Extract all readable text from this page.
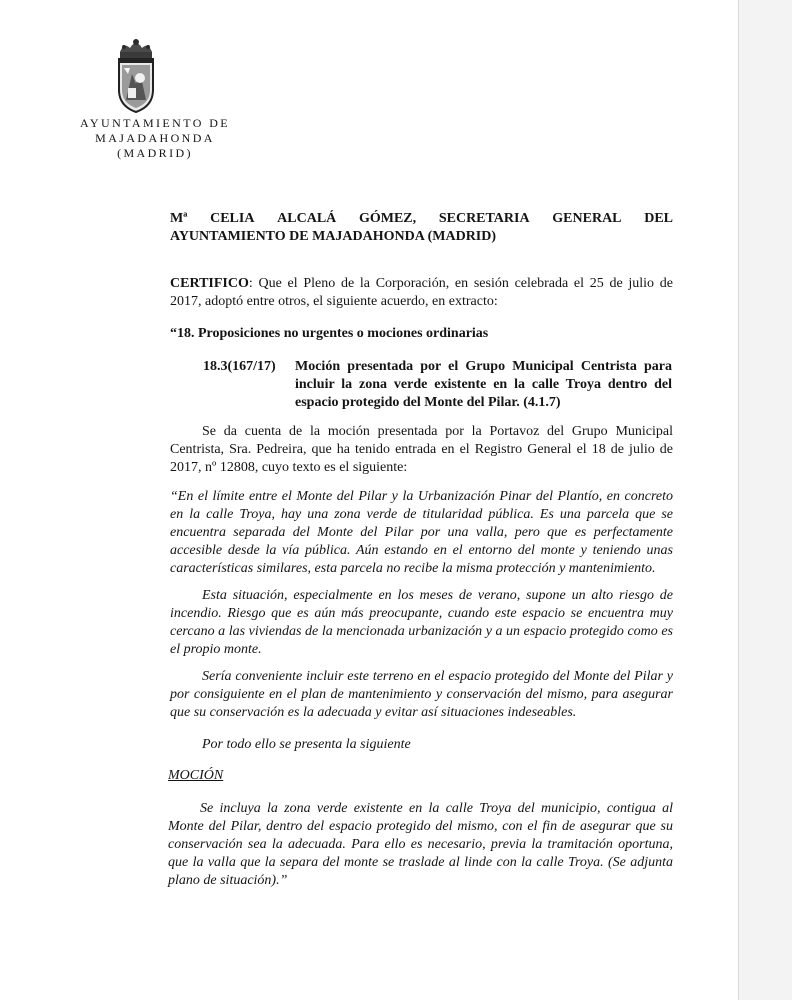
AYUNTAMIENTO DE
MAJADAHONDA
(MADRID)
Mª CELIA ALCALÁ GÓMEZ, SECRETARIA GENERAL DEL
AYUNTAMIENTO DE MAJADAHONDA (MADRID)
CERTIFICO: Que el Pleno de la Corporación, en sesión celebrada el 25 de julio de 2017, adoptó entre otros, el siguiente acuerdo, en extracto:
“18. Proposiciones no urgentes o mociones ordinarias
18.3(167/17) Moción presentada por el Grupo Municipal Centrista para incluir la zona verde existente en la calle Troya dentro del espacio protegido del Monte del Pilar. (4.1.7)
Se da cuenta de la moción presentada por la Portavoz del Grupo Municipal Centrista, Sra. Pedreira, que ha tenido entrada en el Registro General el 18 de julio de 2017, nº 12808, cuyo texto es el siguiente:
“En el límite entre el Monte del Pilar y la Urbanización Pinar del Plantío, en concreto en la calle Troya, hay una zona verde de titularidad pública. Es una parcela que se encuentra separada del Monte del Pilar por una valla, pero que es perfectamente accesible desde la vía pública. Aún estando en el entorno del monte y teniendo unas características similares, esta parcela no recibe la misma protección y mantenimiento.
Esta situación, especialmente en los meses de verano, supone un alto riesgo de incendio. Riesgo que es aún más preocupante, cuando este espacio se encuentra muy cercano a las viviendas de la mencionada urbanización y a un espacio protegido como es el propio monte.
Sería conveniente incluir este terreno en el espacio protegido del Monte del Pilar y por consiguiente en el plan de mantenimiento y conservación del mismo, para asegurar que su conservación es la adecuada y evitar así situaciones indeseables.
Por todo ello se presenta la siguiente
MOCIÓN
Se incluya la zona verde existente en la calle Troya del municipio, contigua al Monte del Pilar, dentro del espacio protegido del mismo, con el fin de asegurar que su conservación sea la adecuada. Para ello es necesario, previa la tramitación oportuna, que la valla que la separa del monte se traslade al linde con la calle Troya. (Se adjunta plano de situación).”
